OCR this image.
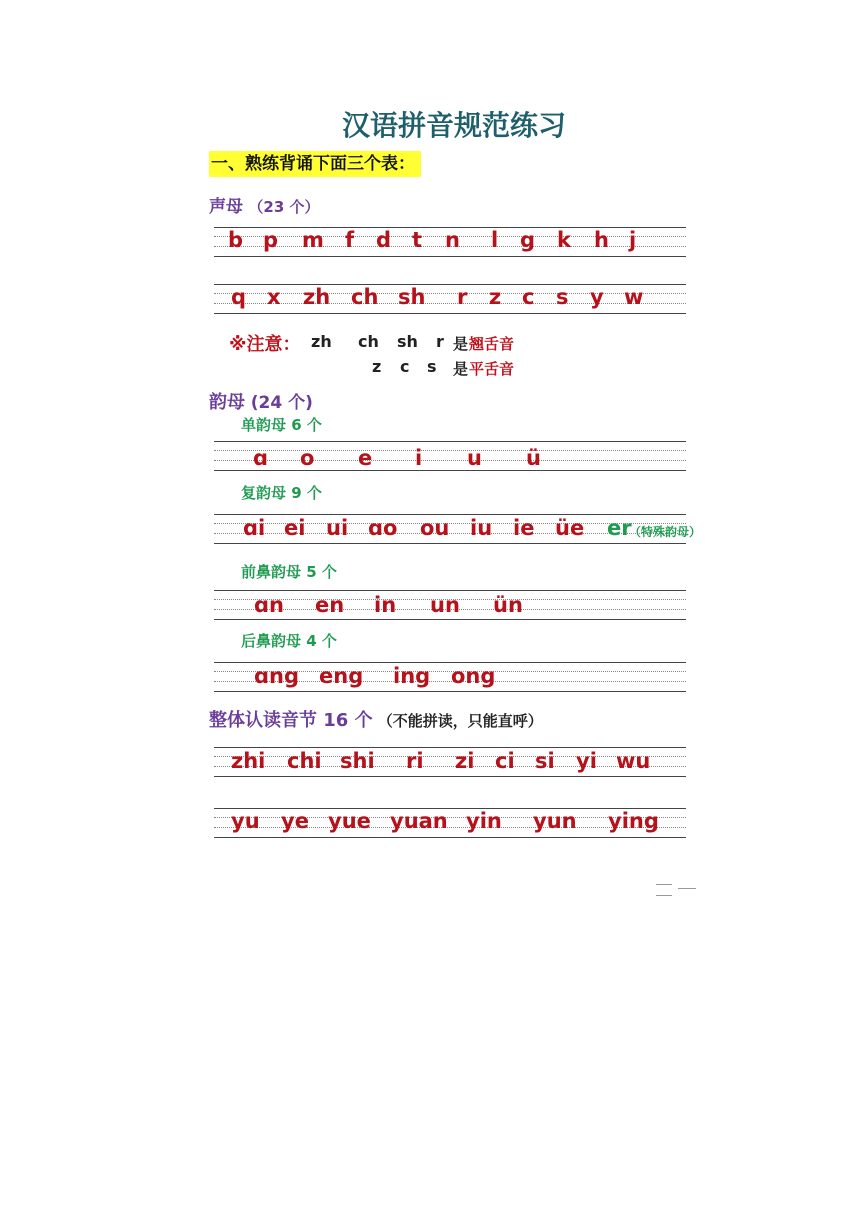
汉语拼音规范练习
一、熟练背诵下面三个表：
声母 （23 个）
b p m f d t n l g k h j
q x zh ch sh r z c s y w
※注意： zh ch sh r 是 翘舌音
z c s 是 平舌音
韵母 (24 个)
单韵母 6 个
ɑ o e i u ü
复韵母 9 个
ɑi ei ui ɑo ou iu ie üe er
（特殊韵母）
前鼻韵母 5 个
ɑn en in un ün
后鼻韵母 4 个
ɑng eng ing ong
整体认读音节 16 个 （不能拼读，只能直呼）
zhi chi shi ri zi ci si yi wu
yu ye yue yuan yin yun ying
